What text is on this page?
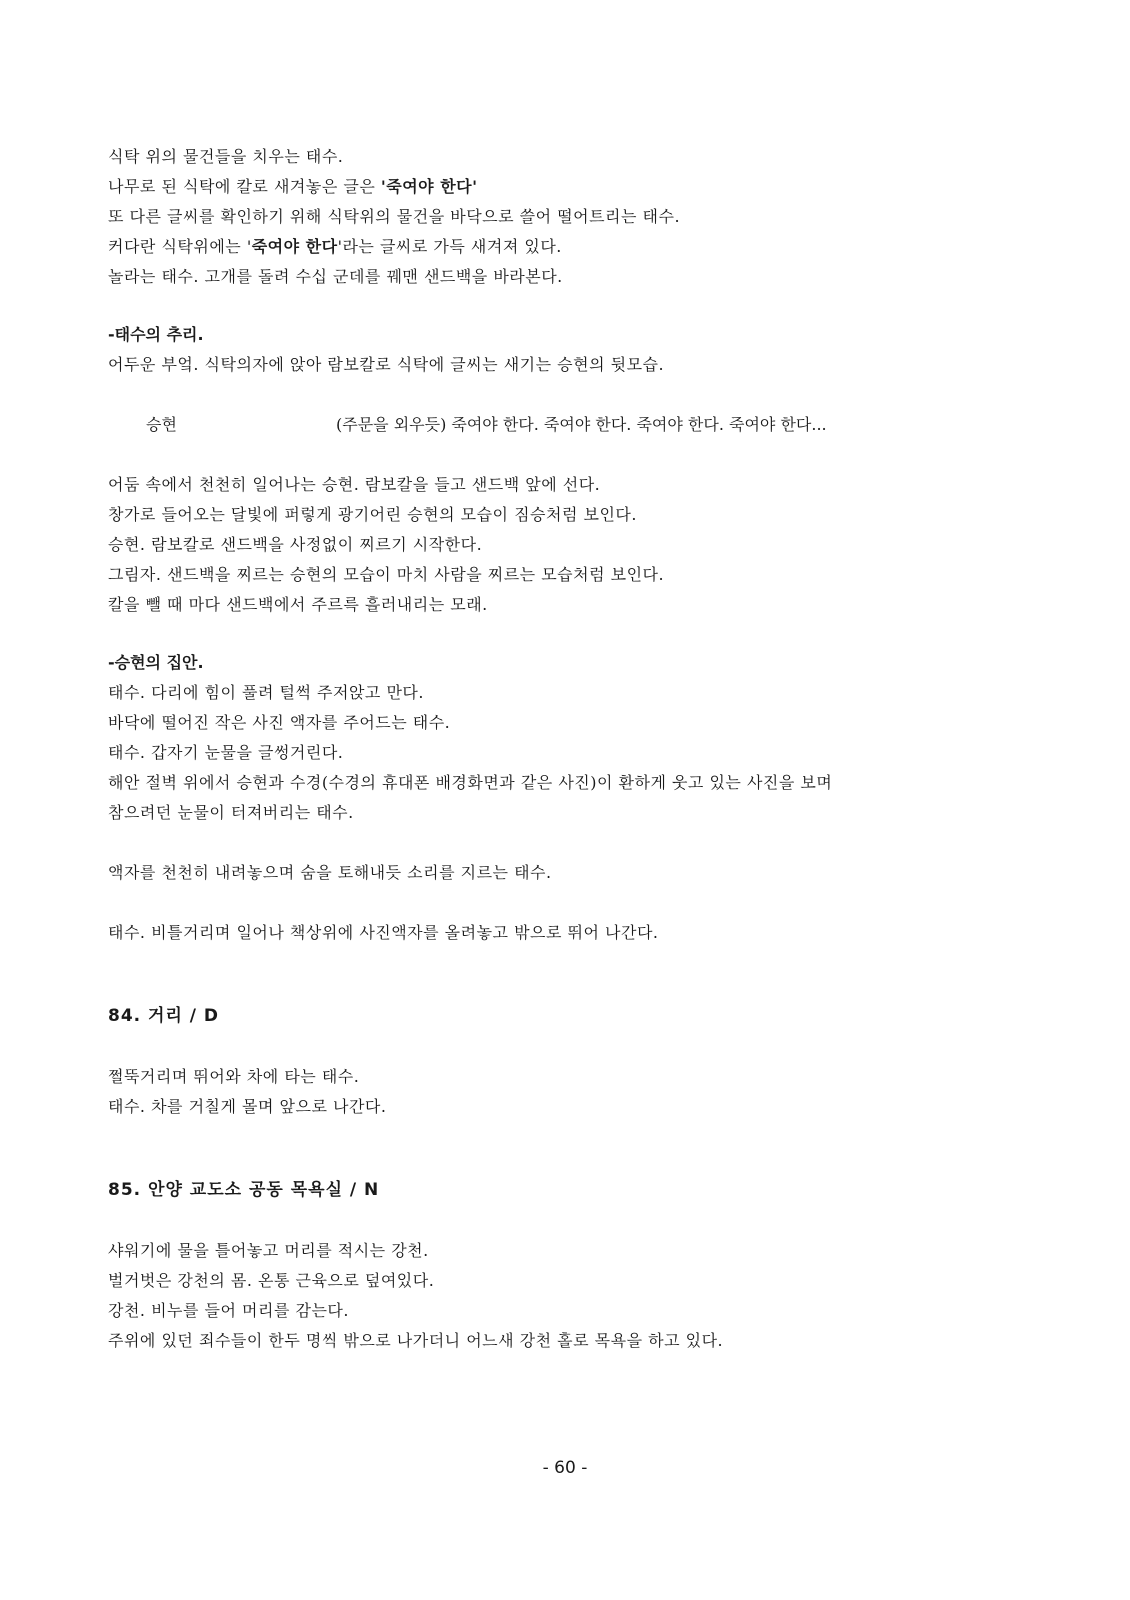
식탁 위의 물건들을 치우는 태수.
나무로 된 식탁에 칼로 새겨놓은 글은 '죽여야 한다'
또 다른 글씨를 확인하기 위해 식탁위의 물건을 바닥으로 쓸어 떨어트리는 태수.
커다란 식탁위에는 '죽여야 한다'라는 글씨로 가득 새겨져 있다.
놀라는 태수. 고개를 돌려 수십 군데를 꿰맨 샌드백을 바라본다.
-태수의 추리.
어두운 부엌. 식탁의자에 앉아 람보칼로 식탁에 글씨는 새기는 승현의 뒷모습.
승현	(주문을 외우듯) 죽여야 한다. 죽여야 한다. 죽여야 한다. 죽여야 한다...
어둠 속에서 천천히 일어나는 승현. 람보칼을 들고 샌드백 앞에 선다.
창가로 들어오는 달빛에 퍼렇게 광기어린 승현의 모습이 짐승처럼 보인다.
승현. 람보칼로 샌드백을 사정없이 찌르기 시작한다.
그림자. 샌드백을 찌르는 승현의 모습이 마치 사람을 찌르는 모습처럼 보인다.
칼을 뺄 때 마다 샌드백에서 주르륵 흘러내리는 모래.
-승현의 집안.
태수. 다리에 힘이 풀려 털썩 주저앉고 만다.
바닥에 떨어진 작은 사진 액자를 주어드는 태수.
태수. 갑자기 눈물을 글썽거린다.
해안 절벽 위에서 승현과 수경(수경의 휴대폰 배경화면과 같은 사진)이 환하게 웃고 있는 사진을 보며
참으려던 눈물이 터져버리는 태수.
액자를 천천히 내려놓으며 숨을 토해내듯 소리를 지르는 태수.
태수. 비틀거리며 일어나 책상위에 사진액자를 올려놓고 밖으로 뛰어 나간다.
84. 거리 / D
쩔뚝거리며 뛰어와 차에 타는 태수.
태수. 차를 거칠게 몰며 앞으로 나간다.
85. 안양 교도소 공동 목욕실 / N
샤워기에 물을 틀어놓고 머리를 적시는 강천.
벌거벗은 강천의 몸. 온통 근육으로 덮여있다.
강천. 비누를 들어 머리를 감는다.
주위에 있던 죄수들이 한두 명씩 밖으로 나가더니 어느새 강천 홀로 목욕을 하고 있다.
- 60 -
